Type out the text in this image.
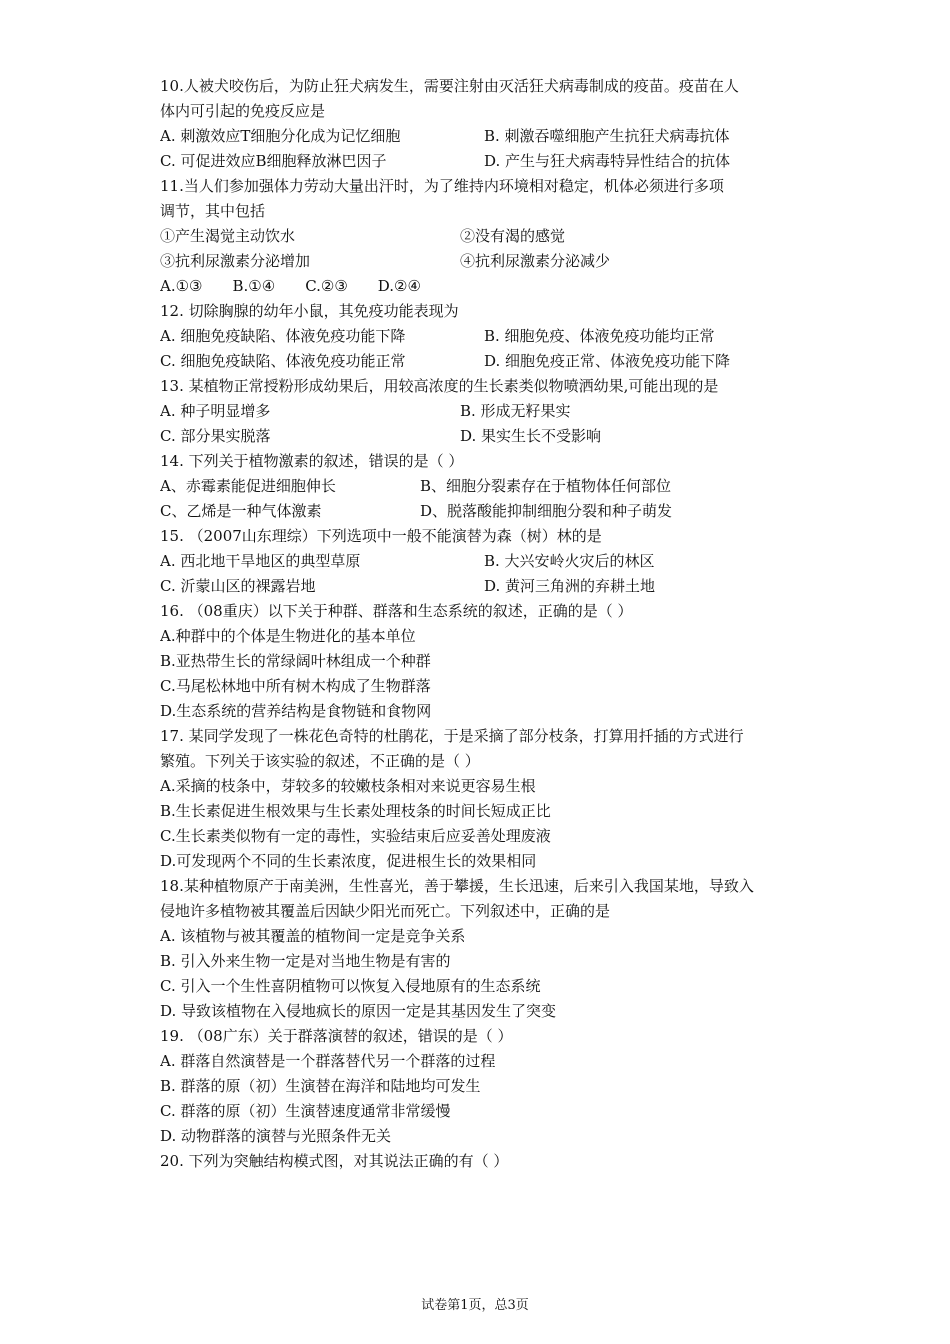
10.人被犬咬伤后，为防止狂犬病发生，需要注射由灭活狂犬病毒制成的疫苗。疫苗在人
体内可引起的免疫反应是
A. 刺激效应T细胞分化成为记忆细胞	B. 刺激吞噬细胞产生抗狂犬病毒抗体
C. 可促进效应B细胞释放淋巴因子	D. 产生与狂犬病毒特异性结合的抗体
11.当人们参加强体力劳动大量出汗时，为了维持内环境相对稳定，机体必须进行多项
调节，其中包括
①产生渴觉主动饮水	②没有渴的感觉
③抗利尿激素分泌增加	④抗利尿激素分泌减少
A.①③ B.①④ C.②③ D.②④
12. 切除胸腺的幼年小鼠，其免疫功能表现为
A. 细胞免疫缺陷、体液免疫功能下降	B. 细胞免疫、体液免疫功能均正常
C. 细胞免疫缺陷、体液免疫功能正常	D. 细胞免疫正常、体液免疫功能下降
13. 某植物正常授粉形成幼果后，用较高浓度的生长素类似物喷洒幼果,可能出现的是
A. 种子明显增多	B. 形成无籽果实
C. 部分果实脱落	D. 果实生长不受影响
14. 下列关于植物激素的叙述，错误的是（ ）
A、赤霉素能促进细胞伸长	B、细胞分裂素存在于植物体任何部位
C、乙烯是一种气体激素	D、脱落酸能抑制细胞分裂和种子萌发
15. （2007山东理综）下列选项中一般不能演替为森（树）林的是
A. 西北地干旱地区的典型草原	B. 大兴安岭火灾后的林区
C. 沂蒙山区的裸露岩地	D. 黄河三角洲的弃耕土地
16. （08重庆）以下关于种群、群落和生态系统的叙述，正确的是（ ）
A.种群中的个体是生物进化的基本单位
B.亚热带生长的常绿阔叶林组成一个种群
C.马尾松林地中所有树木构成了生物群落
D.生态系统的营养结构是食物链和食物网
17. 某同学发现了一株花色奇特的杜鹃花，于是采摘了部分枝条，打算用扦插的方式进行
繁殖。下列关于该实验的叙述，不正确的是（ ）
A.采摘的枝条中，芽较多的较嫩枝条相对来说更容易生根
B.生长素促进生根效果与生长素处理枝条的时间长短成正比
C.生长素类似物有一定的毒性，实验结束后应妥善处理废液
D.可发现两个不同的生长素浓度，促进根生长的效果相同
18.某种植物原产于南美洲，生性喜光，善于攀援，生长迅速，后来引入我国某地，导致入
侵地许多植物被其覆盖后因缺少阳光而死亡。下列叙述中，正确的是
A. 该植物与被其覆盖的植物间一定是竞争关系
B. 引入外来生物一定是对当地生物是有害的
C. 引入一个生性喜阴植物可以恢复入侵地原有的生态系统
D. 导致该植物在入侵地疯长的原因一定是其基因发生了突变
19. （08广东）关于群落演替的叙述，错误的是（ ）
A. 群落自然演替是一个群落替代另一个群落的过程
B. 群落的原（初）生演替在海洋和陆地均可发生
C. 群落的原（初）生演替速度通常非常缓慢
D. 动物群落的演替与光照条件无关
20. 下列为突触结构模式图，对其说法正确的有（ ）
试卷第1页，总3页
